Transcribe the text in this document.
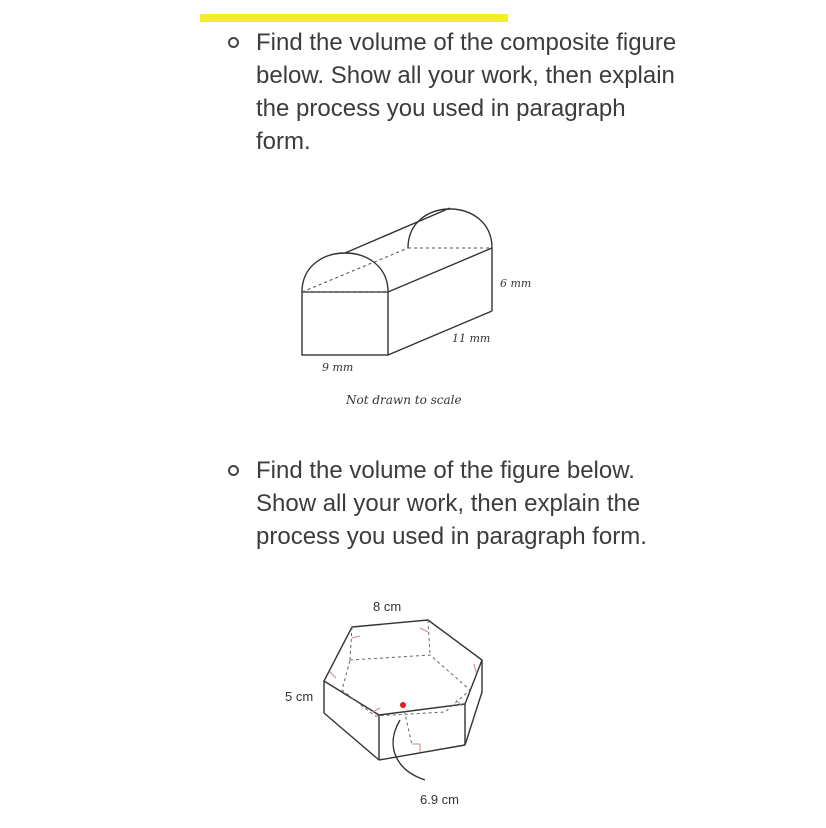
Find the volume of the composite figure below. Show all your work, then explain the process you used in paragraph form.

6 mm
11 mm
9 mm
Not drawn to scale
8 cm
5 cm
6.9 cm

Find the volume of the figure below. Show all your work, then explain the process you used in paragraph form.
